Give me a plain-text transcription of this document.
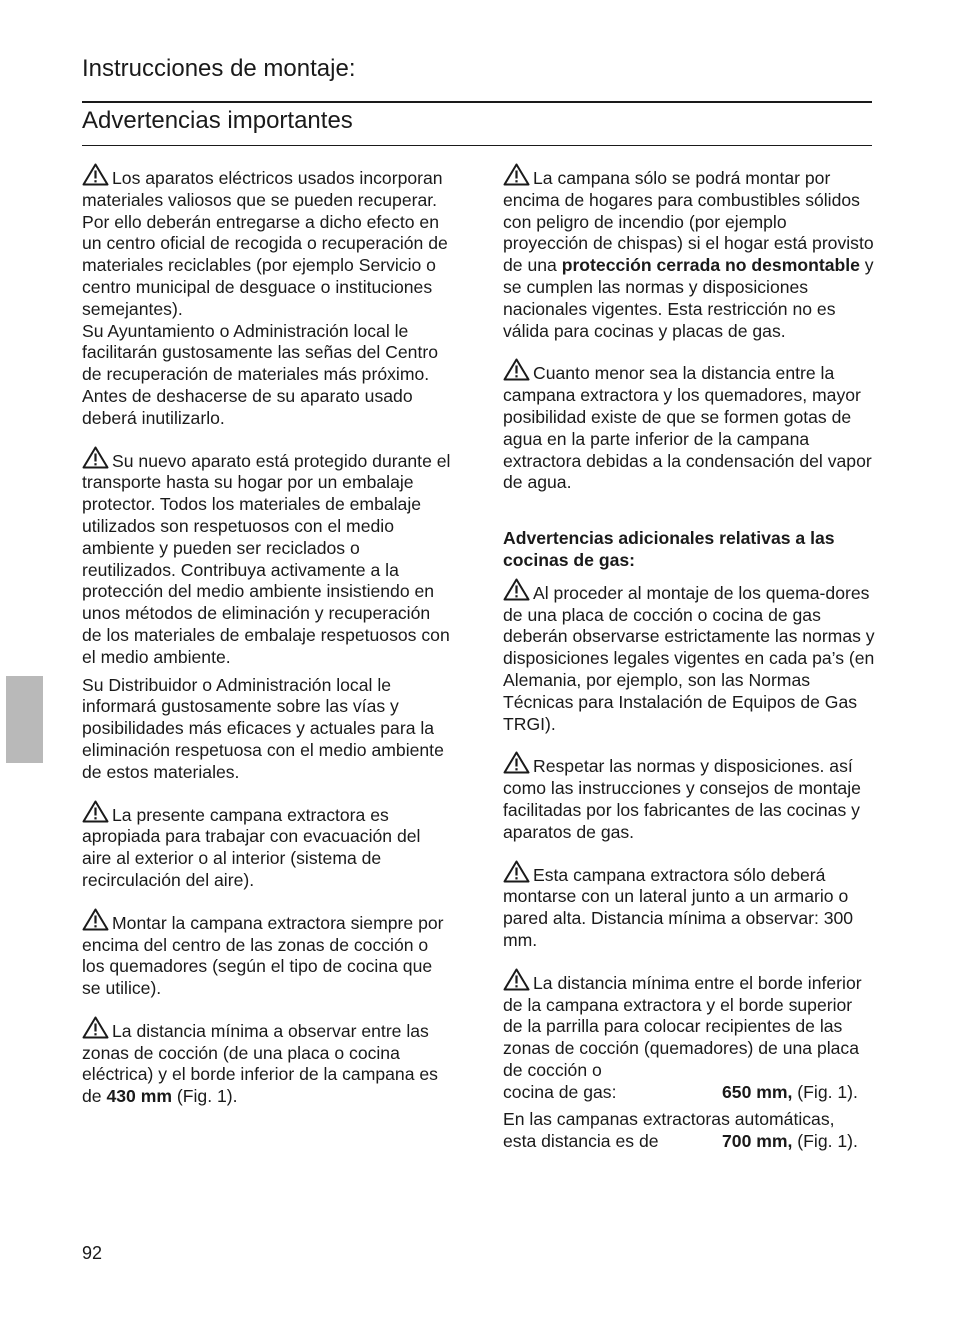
Instrucciones de montaje:
Advertencias importantes

Los aparatos eléctricos usados incorporan materiales valiosos que se pueden recuperar. Por ello deberán entregarse a dicho efecto en un centro oficial de recogida o recuperación de materiales reciclables (por ejemplo Servicio o centro municipal de desguace o instituciones semejantes).

Su Ayuntamiento o Administración local le facilitarán gustosamente las señas del Centro de recuperación de materiales más próximo.

Antes de deshacerse de su aparato usado deberá inutilizarlo.

Su nuevo aparato está protegido durante el transporte hasta su hogar por un embalaje protector. Todos los materiales de embalaje utilizados son respetuosos con el medio ambiente y pueden ser reciclados o reutilizados. Contribuya activamente a la protección del medio ambiente insistiendo en unos métodos de eliminación y recuperación de los materiales de embalaje respetuosos con el medio ambiente.

Su Distribuidor o Administración local le informará gustosamente sobre las vías y posibilidades más eficaces y actuales para la eliminación respetuosa con el medio ambiente de estos materiales.

La presente campana extractora es apropiada para trabajar con evacuación del aire al exterior o al interior (sistema de recirculación del aire).

Montar la campana extractora siempre por encima del centro de las zonas de cocción o los quemadores (según el tipo de cocina que se utilice).

La distancia mínima a observar entre las zonas de cocción (de una placa o cocina eléctrica) y el borde inferior de la campana es de 430 mm (Fig. 1).

La campana sólo se podrá montar por encima de hogares para combustibles sólidos con peligro de incendio (por ejemplo proyección de chispas) si el hogar está provisto de una protección cerrada no desmontable y se cumplen las normas y disposiciones nacionales vigentes. Esta restricción no es válida para cocinas y placas de gas.

Cuanto menor sea la distancia entre la campana extractora y los quemadores, mayor posibilidad existe de que se formen gotas de agua en la parte inferior de la campana extractora debidas a la condensación del vapor de agua.

Advertencias adicionales relativas a las cocinas de gas:

Al proceder al montaje de los quema-dores de una placa de cocción o cocina de gas deberán observarse estrictamente las normas y disposiciones legales vigentes en cada pa’s (en Alemania, por ejemplo, son las Normas Técnicas para Instalación de Equipos de Gas TRGI).

Respetar las normas y disposiciones. así como las instrucciones y consejos de montaje facilitadas por los fabricantes de las cocinas y aparatos de gas.

Esta campana extractora sólo deberá montarse con un lateral junto a un armario o pared alta. Distancia mínima a observar: 300 mm.

La distancia mínima entre el borde inferior de la campana extractora y el borde superior de la parrilla para colocar recipientes de las zonas de cocción (quemadores) de una placa de cocción o

cocina de gas:	650 mm, (Fig. 1).

En las campanas extractoras automáticas,

esta distancia es de	700 mm, (Fig. 1).
92
